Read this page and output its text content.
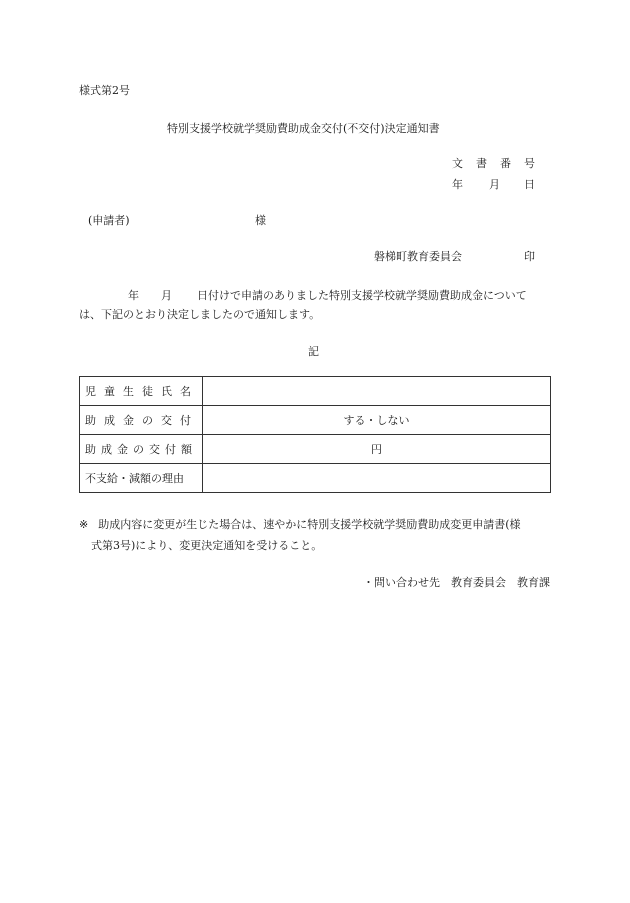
様式第2号
特別支援学校就学奨励費助成金交付(不交付)決定通知書
文 書 番 号
年 月 日
(申請者)	様
磐梯町教育委員会	印
年 月 日付けで申請のありました特別支援学校就学奨励費助成金について
は、下記のとおり決定しましたので通知します。
記
児 童 生 徒 氏 名	
助 成 金 の 交 付	する・しない
助 成 金 の 交 付 額	円
不支給・減額の理由	
※ 助成内容に変更が生じた場合は、速やかに特別支援学校就学奨励費助成変更申請書(様
式第3号)により、変更決定通知を受けること。
・問い合わせ先　教育委員会　教育課
